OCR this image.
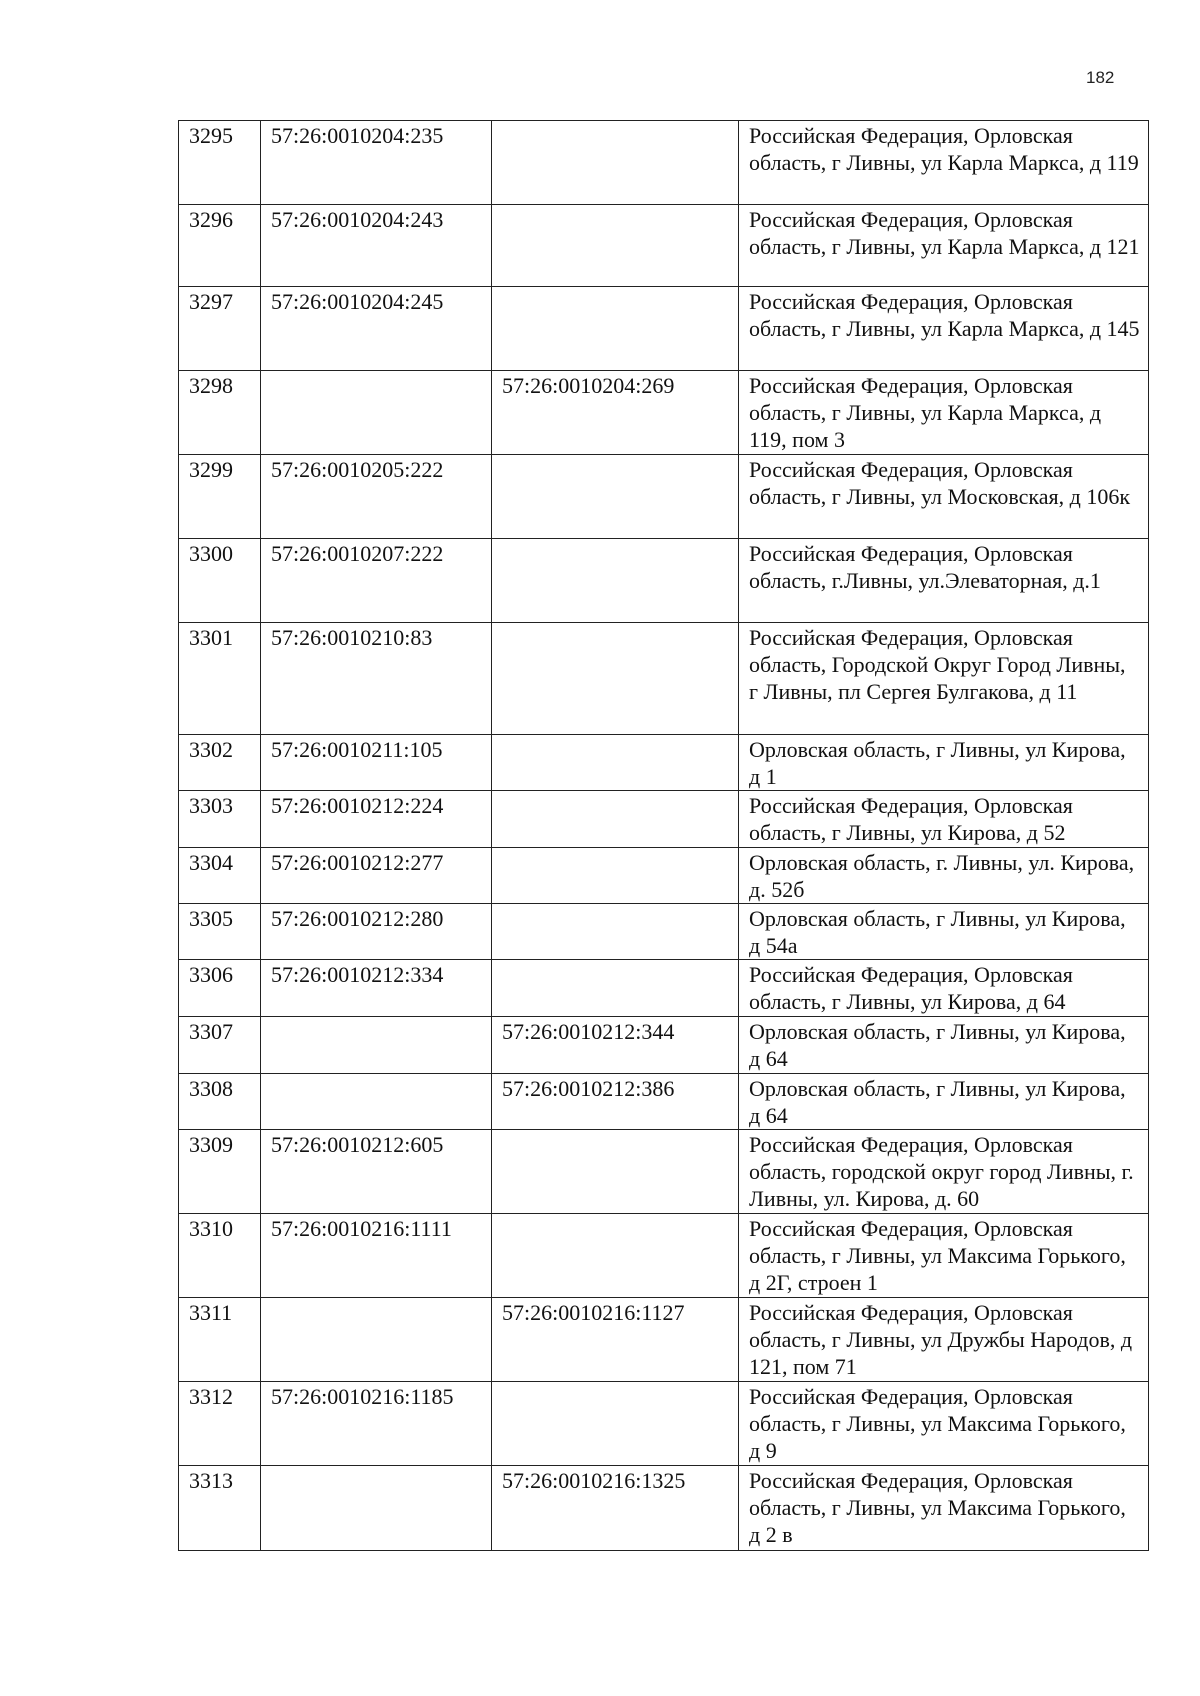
182
3295	57:26:0010204:235		Российская Федерация, Орловская область, г Ливны, ул Карла Маркса, д 119
3296	57:26:0010204:243		Российская Федерация, Орловская область, г Ливны, ул Карла Маркса, д 121
3297	57:26:0010204:245		Российская Федерация, Орловская область, г Ливны, ул Карла Маркса, д 145
3298		57:26:0010204:269	Российская Федерация, Орловская область, г Ливны, ул Карла Маркса, д 119, пом 3
3299	57:26:0010205:222		Российская Федерация, Орловская область, г Ливны, ул Московская, д 106к
3300	57:26:0010207:222		Российская Федерация, Орловская область, г.Ливны, ул.Элеваторная, д.1
3301	57:26:0010210:83		Российская Федерация, Орловская область, Городской Округ Город Ливны, г Ливны, пл Сергея Булгакова, д 11
3302	57:26:0010211:105		Орловская область, г Ливны, ул Кирова, д 1
3303	57:26:0010212:224		Российская Федерация, Орловская область, г Ливны, ул Кирова, д 52
3304	57:26:0010212:277		Орловская область, г. Ливны, ул. Кирова, д. 52б
3305	57:26:0010212:280		Орловская область, г Ливны, ул Кирова, д 54а
3306	57:26:0010212:334		Российская Федерация, Орловская область, г Ливны, ул Кирова, д 64
3307		57:26:0010212:344	Орловская область, г Ливны, ул Кирова, д 64
3308		57:26:0010212:386	Орловская область, г Ливны, ул Кирова, д 64
3309	57:26:0010212:605		Российская Федерация, Орловская область, городской округ город Ливны, г. Ливны, ул. Кирова, д. 60
3310	57:26:0010216:1111		Российская Федерация, Орловская область, г Ливны, ул Максима Горького, д 2Г, строен 1
3311		57:26:0010216:1127	Российская Федерация, Орловская область, г Ливны, ул Дружбы Народов, д 121, пом 71
3312	57:26:0010216:1185		Российская Федерация, Орловская область, г Ливны, ул Максима Горького, д 9
3313		57:26:0010216:1325	Российская Федерация, Орловская область, г Ливны, ул Максима Горького, д 2 в
